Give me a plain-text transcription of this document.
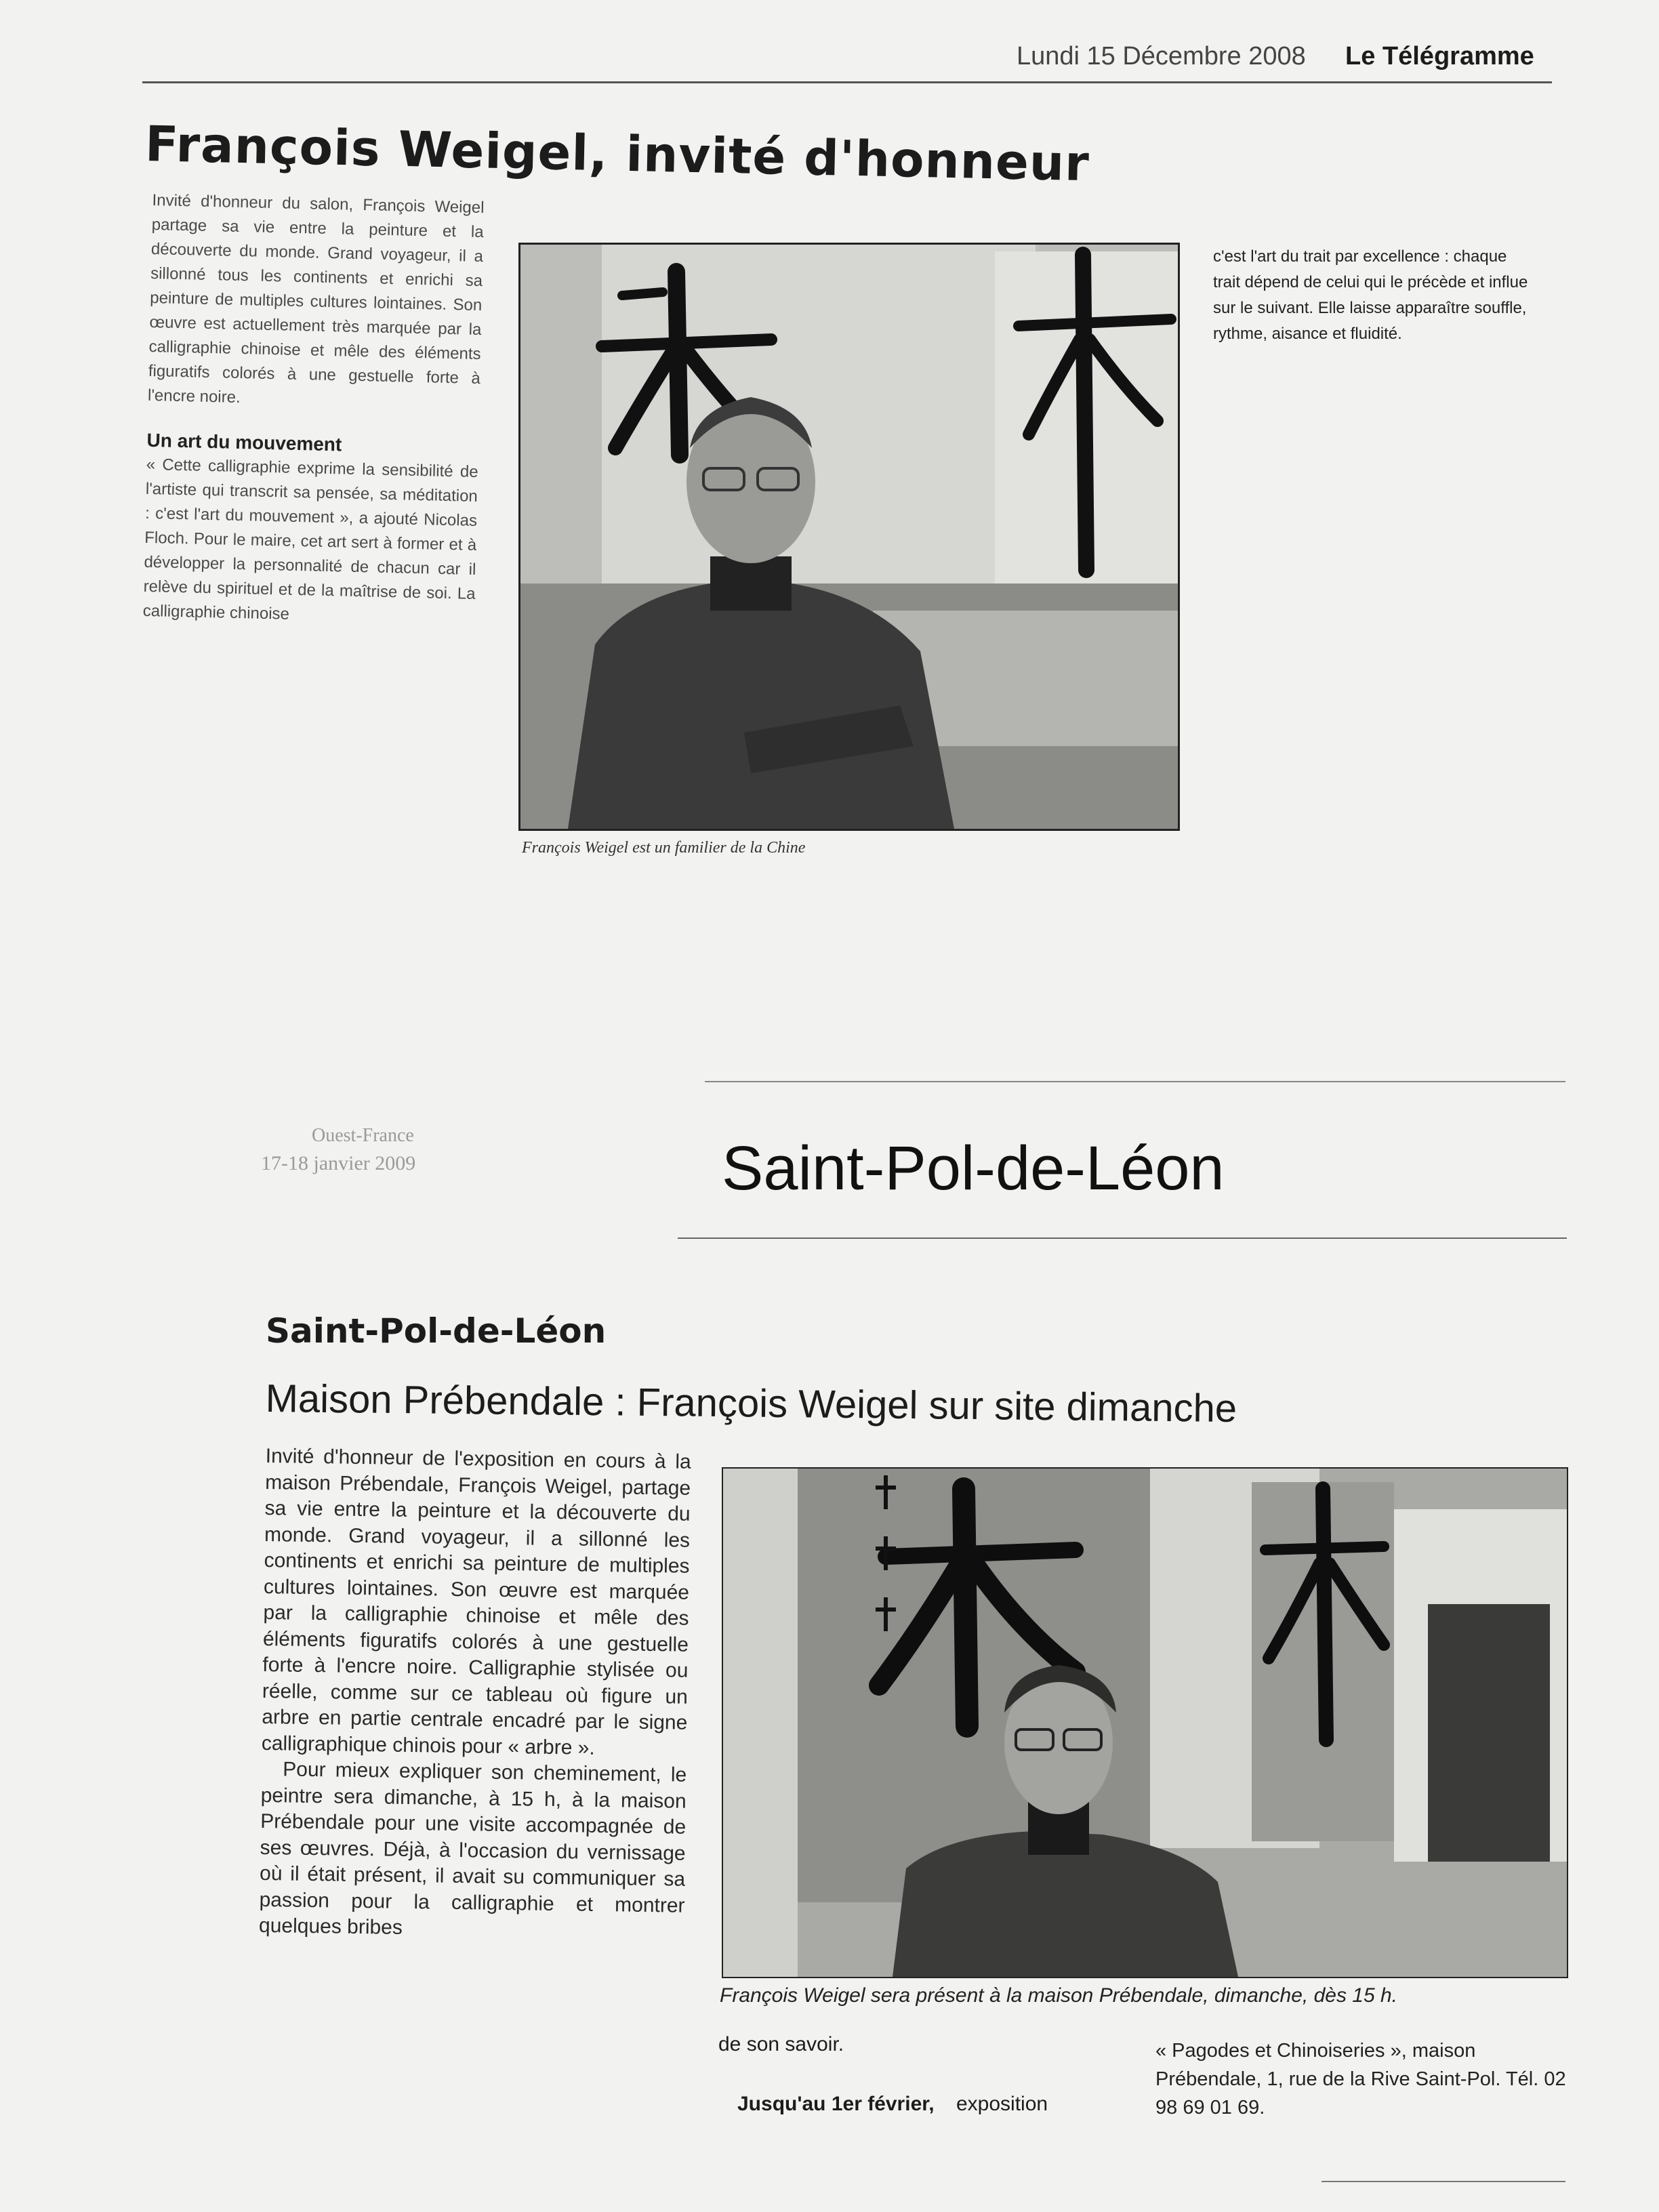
Lundi 15 Décembre 2008 Le Télégramme
François Weigel, invité d'honneur

Invité d'honneur du salon, François Weigel partage sa vie entre la peinture et la découverte du monde. Grand voyageur, il a sillonné tous les continents et enrichi sa peinture de multiples cultures lointaines. Son œuvre est actuellement très marquée par la calligraphie chinoise et mêle des éléments figuratifs colorés à une gestuelle forte à l'encre noire.

Un art du mouvement

« Cette calligraphie exprime la sensibilité de l'artiste qui transcrit sa pensée, sa méditation : c'est l'art du mouvement », a ajouté Nicolas Floch. Pour le maire, cet art sert à former et à développer la personnalité de chacun car il relève du spirituel et de la maîtrise de soi. La calligraphie chinoise

c'est l'art du trait par excellence : chaque trait dépend de celui qui le précède et influe sur le suivant. Elle laisse apparaître souffle, rythme, aisance et fluidité.
François Weigel est un familier de la Chine
Ouest-France
17-18 janvier 2009	Saint-Pol-de-Léon
Saint-Pol-de-Léon
Maison Prébendale : François Weigel sur site dimanche

Invité d'honneur de l'exposition en cours à la maison Prébendale, François Weigel, partage sa vie entre la peinture et la découverte du monde. Grand voyageur, il a sillonné les continents et enrichi sa peinture de multiples cultures lointaines. Son œuvre est marquée par la calligraphie chinoise et mêle des éléments figuratifs colorés à une gestuelle forte à l'encre noire. Calligraphie stylisée ou réelle, comme sur ce tableau où figure un arbre en partie centrale encadré par le signe calligraphique chinois pour « arbre ».

Pour mieux expliquer son cheminement, le peintre sera dimanche, à 15 h, à la maison Prébendale pour une visite accompagnée de ses œuvres. Déjà, à l'occasion du vernissage où il était présent, il avait su communiquer sa passion pour la calligraphie et montrer quelques bribes

François Weigel sera présent à la maison Prébendale, dimanche, dès 15 h.
de son savoir.
Jusqu'au 1er février, exposition
« Pagodes et Chinoiseries », maison Prébendale, 1, rue de la Rive Saint-Pol. Tél. 02 98 69 01 69.
